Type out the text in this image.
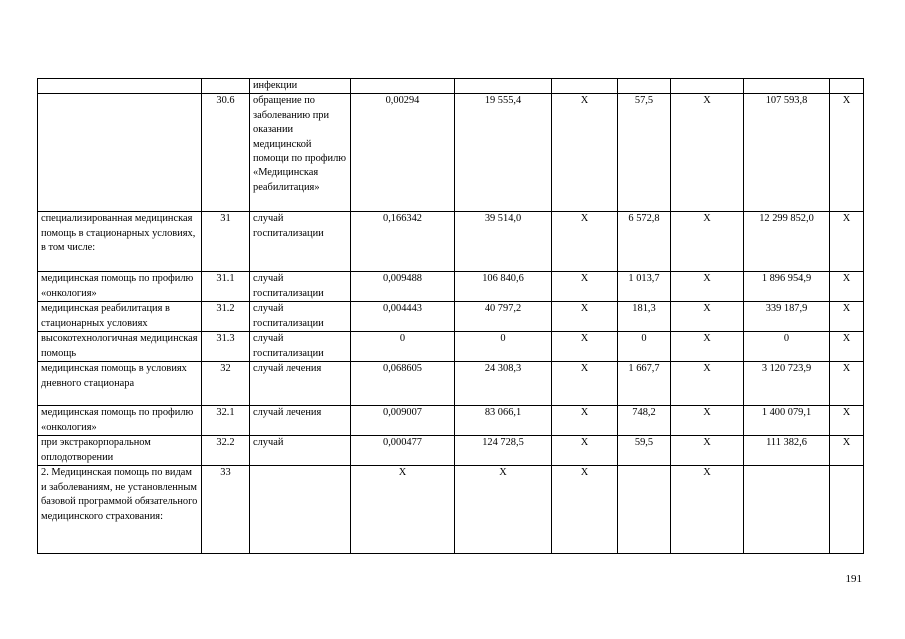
		инфекции							
	30.6	обращение по заболеванию при оказании медицинской помощи по профилю «Медицинская реабилитация»	0,00294	19 555,4	X	57,5	X	107 593,8	X
специализированная медицинская помощь в стационарных условиях, в том числе:	31	случай госпитализации	0,166342	39 514,0	X	6 572,8	X	12 299 852,0	X
медицинская помощь по профилю «онкология»	31.1	случай госпитализации	0,009488	106 840,6	X	1 013,7	X	1 896 954,9	X
медицинская реабилитация в стационарных условиях	31.2	случай госпитализации	0,004443	40 797,2	X	181,3	X	339 187,9	X
высокотехнологичная медицинская помощь	31.3	случай госпитализации	0	0	X	0	X	0	X
медицинская помощь в условиях дневного стационара	32	случай лечения	0,068605	24 308,3	X	1 667,7	X	3 120 723,9	X
медицинская помощь по профилю «онкология»	32.1	случай лечения	0,009007	83 066,1	X	748,2	X	1 400 079,1	X
при экстракорпоральном оплодотворении	32.2	случай	0,000477	124 728,5	X	59,5	X	111 382,6	X
2. Медицинская помощь по видам и заболеваниям, не установленным базовой программой обязательного медицинского страхования:	33		X	X	X		X		
191
